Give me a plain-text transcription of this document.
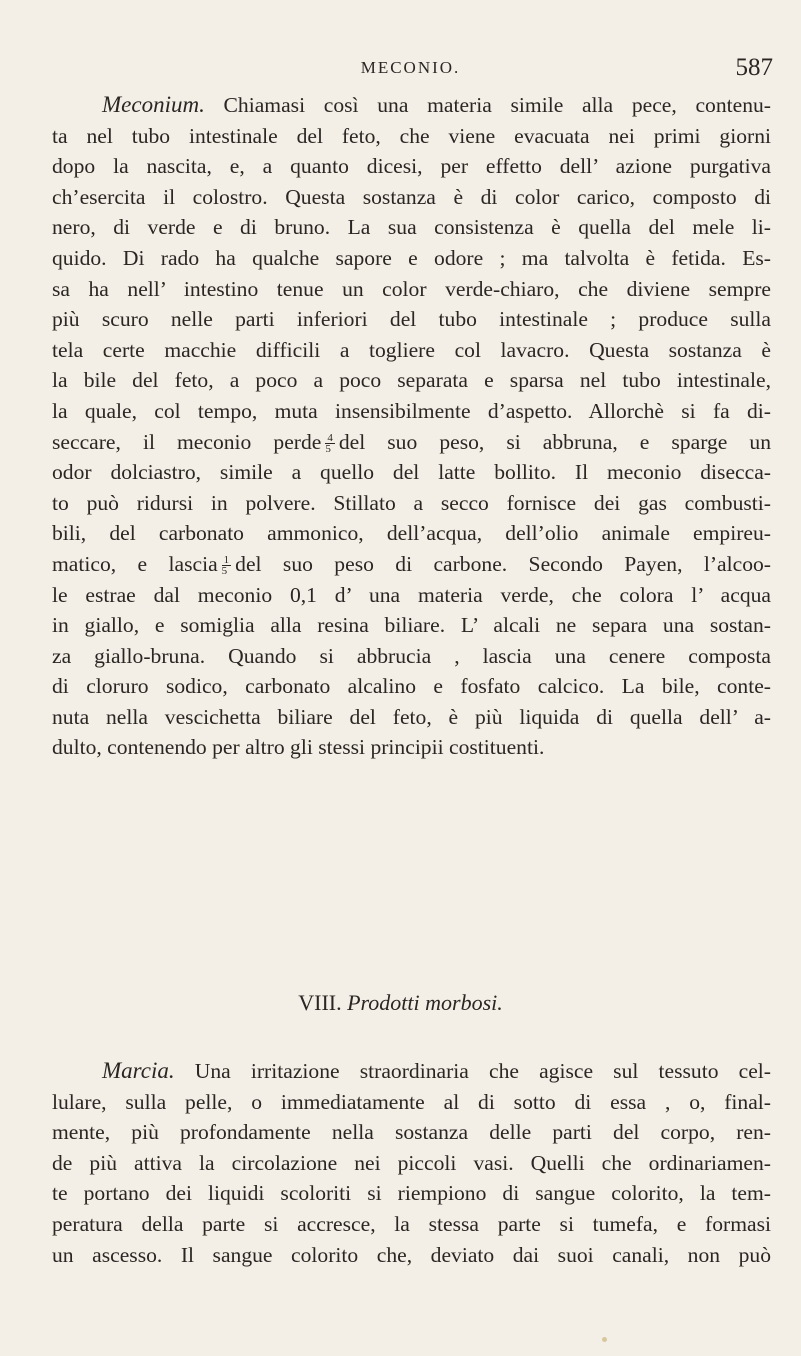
MECONIO.	587
Meconium. Chiamasi così una materia simile alla pece, contenu-
ta nel tubo intestinale del feto, che viene evacuata nei primi giorni
dopo la nascita, e, a quanto dicesi, per effetto dell’ azione purgativa
ch’esercita il colostro. Questa sostanza è di color carico, composto di
nero, di verde e di bruno. La sua consistenza è quella del mele li-
quido. Di rado ha qualche sapore e odore ; ma talvolta è fetida. Es-
sa ha nell’ intestino tenue un color verde-chiaro, che diviene sempre
più scuro nelle parti inferiori del tubo intestinale ; produce sulla
tela certe macchie difficili a togliere col lavacro. Questa sostanza è
la bile del feto, a poco a poco separata e sparsa nel tubo intestinale,
la quale, col tempo, muta insensibilmente d’aspetto. Allorchè si fa di-
seccare, il meconio perde $\frac{4}{5}$ del suo peso, si abbruna, e sparge un
odor dolciastro, simile a quello del latte bollito. Il meconio disecca-
to può ridursi in polvere. Stillato a secco fornisce dei gas combusti-
bili, del carbonato ammonico, dell’acqua, dell’olio animale empireu-
matico, e lascia $\frac{1}{5}$ del suo peso di carbone. Secondo Payen, l’alcoo-
le estrae dal meconio 0,1 d’ una materia verde, che colora l’ acqua
in giallo, e somiglia alla resina biliare. L’ alcali ne separa una sostan-
za giallo-bruna. Quando si abbrucia , lascia una cenere composta
di cloruro sodico, carbonato alcalino e fosfato calcico. La bile, conte-
nuta nella vescichetta biliare del feto, è più liquida di quella dell’ a-
dulto, contenendo per altro gli stessi principii costituenti.
VIII. Prodotti morbosi.
Marcia. Una irritazione straordinaria che agisce sul tessuto cel-
lulare, sulla pelle, o immediatamente al di sotto di essa , o, final-
mente, più profondamente nella sostanza delle parti del corpo, ren-
de più attiva la circolazione nei piccoli vasi. Quelli che ordinariamen-
te portano dei liquidi scoloriti si riempiono di sangue colorito, la tem-
peratura della parte si accresce, la stessa parte si tumefa, e formasi
un ascesso. Il sangue colorito che, deviato dai suoi canali, non può
